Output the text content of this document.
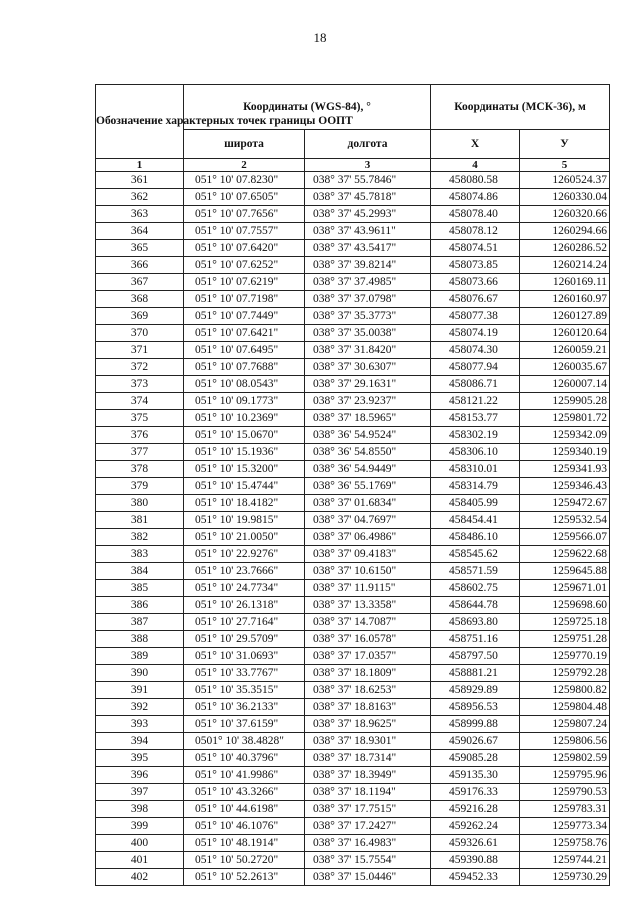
18
Обозначение характерных точек границы ООПТ	Координаты (WGS-84), °		Координаты (МСК-36), м	
	широта	долгота	Х	У
1	2	3	4	5
361	051° 10' 07.8230"	038° 37' 55.7846"	458080.58	1260524.37
362	051° 10' 07.6505"	038° 37' 45.7818"	458074.86	1260330.04
363	051° 10' 07.7656"	038° 37' 45.2993"	458078.40	1260320.66
364	051° 10' 07.7557"	038° 37' 43.9611"	458078.12	1260294.66
365	051° 10' 07.6420"	038° 37' 43.5417"	458074.51	1260286.52
366	051° 10' 07.6252"	038° 37' 39.8214"	458073.85	1260214.24
367	051° 10' 07.6219"	038° 37' 37.4985"	458073.66	1260169.11
368	051° 10' 07.7198"	038° 37' 37.0798"	458076.67	1260160.97
369	051° 10' 07.7449"	038° 37' 35.3773"	458077.38	1260127.89
370	051° 10' 07.6421"	038° 37' 35.0038"	458074.19	1260120.64
371	051° 10' 07.6495"	038° 37' 31.8420"	458074.30	1260059.21
372	051° 10' 07.7688"	038° 37' 30.6307"	458077.94	1260035.67
373	051° 10' 08.0543"	038° 37' 29.1631"	458086.71	1260007.14
374	051° 10' 09.1773"	038° 37' 23.9237"	458121.22	1259905.28
375	051° 10' 10.2369"	038° 37' 18.5965"	458153.77	1259801.72
376	051° 10' 15.0670"	038° 36' 54.9524"	458302.19	1259342.09
377	051° 10' 15.1936"	038° 36' 54.8550"	458306.10	1259340.19
378	051° 10' 15.3200"	038° 36' 54.9449"	458310.01	1259341.93
379	051° 10' 15.4744"	038° 36' 55.1769"	458314.79	1259346.43
380	051° 10' 18.4182"	038° 37' 01.6834"	458405.99	1259472.67
381	051° 10' 19.9815"	038° 37' 04.7697"	458454.41	1259532.54
382	051° 10' 21.0050"	038° 37' 06.4986"	458486.10	1259566.07
383	051° 10' 22.9276"	038° 37' 09.4183"	458545.62	1259622.68
384	051° 10' 23.7666"	038° 37' 10.6150"	458571.59	1259645.88
385	051° 10' 24.7734"	038° 37' 11.9115"	458602.75	1259671.01
386	051° 10' 26.1318"	038° 37' 13.3358"	458644.78	1259698.60
387	051° 10' 27.7164"	038° 37' 14.7087"	458693.80	1259725.18
388	051° 10' 29.5709"	038° 37' 16.0578"	458751.16	1259751.28
389	051° 10' 31.0693"	038° 37' 17.0357"	458797.50	1259770.19
390	051° 10' 33.7767"	038° 37' 18.1809"	458881.21	1259792.28
391	051° 10' 35.3515"	038° 37' 18.6253"	458929.89	1259800.82
392	051° 10' 36.2133"	038° 37' 18.8163"	458956.53	1259804.48
393	051° 10' 37.6159"	038° 37' 18.9625"	458999.88	1259807.24
394	0501° 10' 38.4828"	038° 37' 18.9301"	459026.67	1259806.56
395	051° 10' 40.3796"	038° 37' 18.7314"	459085.28	1259802.59
396	051° 10' 41.9986"	038° 37' 18.3949"	459135.30	1259795.96
397	051° 10' 43.3266"	038° 37' 18.1194"	459176.33	1259790.53
398	051° 10' 44.6198"	038° 37' 17.7515"	459216.28	1259783.31
399	051° 10' 46.1076"	038° 37' 17.2427"	459262.24	1259773.34
400	051° 10' 48.1914"	038° 37' 16.4983"	459326.61	1259758.76
401	051° 10' 50.2720"	038° 37' 15.7554"	459390.88	1259744.21
402	051° 10' 52.2613"	038° 37' 15.0446"	459452.33	1259730.29
